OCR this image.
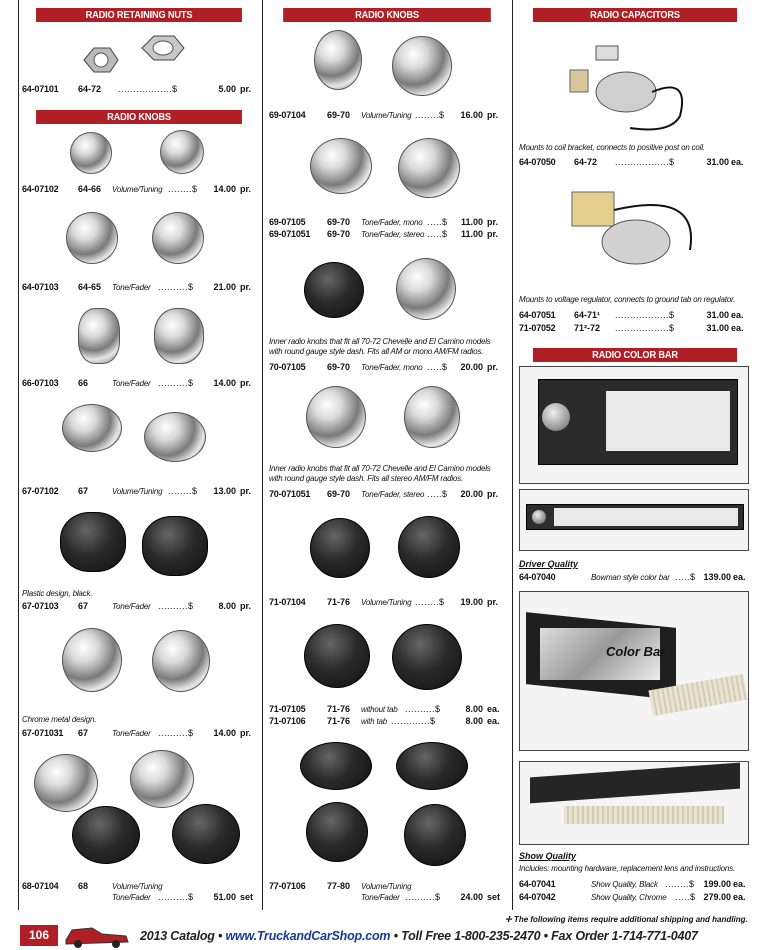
RADIO RETAINING NUTS
64-07101 64-72 ..................$	5.00 pr.
RADIO KNOBS
64-07102 64-66 Volume/Tuning ........$	14.00 pr.
64-07103 64-65 Tone/Fader ..........$	21.00 pr.
66-07103 66	Tone/Fader ..........$	14.00 pr.
67-07102 67	Volume/Tuning ........$	13.00 pr.
Plastic design, black.
67-07103 67	Tone/Fader ..........$	8.00 pr.
Chrome metal design.
67-071031 67	Tone/Fader ..........$	14.00 pr.
68-07104 68	Volume/Tuning
Tone/Fader ..........$	51.00 set
RADIO KNOBS
69-07104 69-70 Volume/Tuning ........$	16.00 pr.
69-07105 69-70 Tone/Fader, mono .....$	11.00 pr.
69-071051 69-70 Tone/Fader, stereo .....$	11.00 pr.
Inner radio knobs that fit all 70-72 Chevelle and El Camino models with round gauge style dash. Fits all AM or mono AM/FM radios.
70-07105 69-70 Tone/Fader, mono .....$	20.00 pr.
Inner radio knobs that fit all 70-72 Chevelle and El Camino models with round gauge style dash. Fits all stereo AM/FM radios.
70-071051 69-70 Tone/Fader, stereo .....$	20.00 pr.
71-07104 71-76 Volume/Tuning ........$	19.00 pr.
71-07105 71-76 without tab ..........$	8.00 ea.
71-07106 71-76 with tab .............$	8.00 ea.
77-07106 77-80 Volume/Tuning
Tone/Fader ..........$	24.00 set
RADIO CAPACITORS
Mounts to coil bracket, connects to positive post on coil.
64-07050 64-72 ..................$	31.00 ea.
Mounts to voltage regulator, connects to ground tab on regulator.
64-07051 64-71¹ ..................$	31.00 ea.
71-07052 71²-72 ..................$	31.00 ea.
RADIO COLOR BAR
Driver Quality
64-07040	Bowman style color bar .....$ 139.00 ea.
Color Bar
Show Quality
Includes: mounting hardware, replacement lens and instructions.
64-07041	Show Quality, Black ........$ 199.00 ea.
64-07042	Show Quality, Chrome .....$ 279.00 ea.
✛ The following items require additional shipping and handling.
106	2013 Catalog • www.TruckandCarShop.com • Toll Free 1-800-235-2470 • Fax Order 1-714-771-0407
